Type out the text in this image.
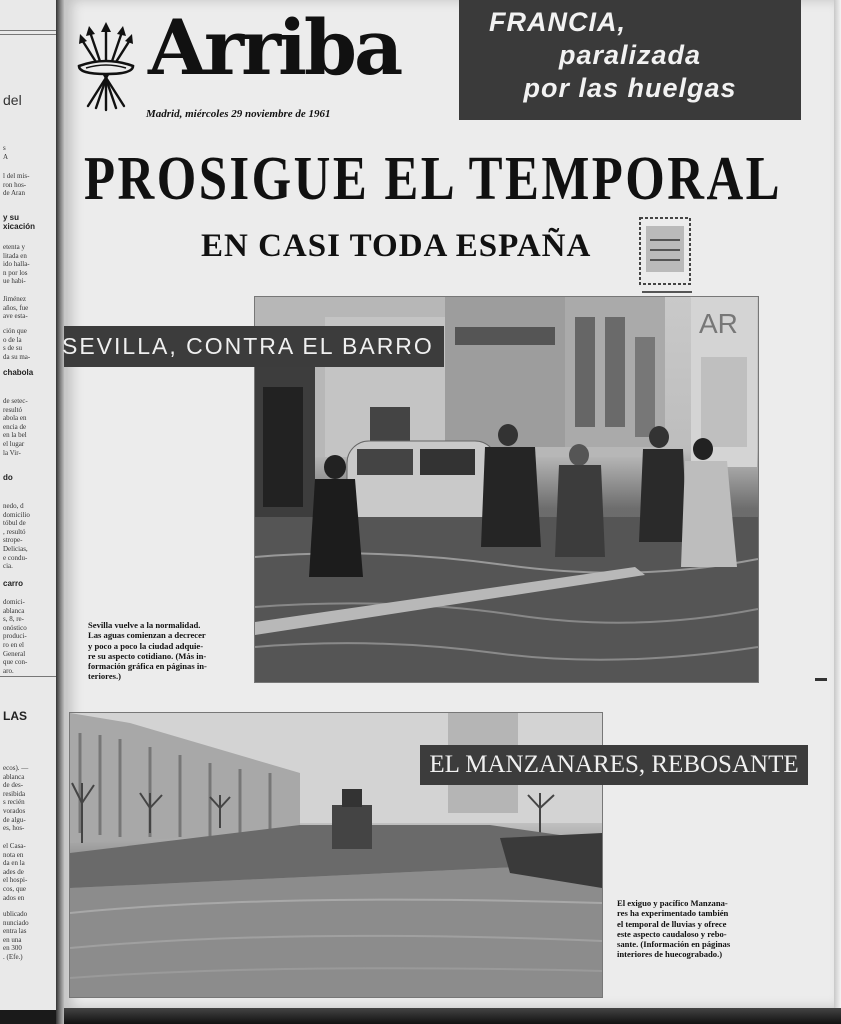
del
s
A
l del mis-
ron hos-
de Aran
y su
xicación
etenta y
litada en
ido halla-
n por los
ue habi-
Jiménez
años, fue
ave esta-
ción que
o de la
s de su
da su ma-
chabola
de setec-
resultó
abola en
encia de
en la bel
el lugar
la Vir-
do
nedo, d
domicilio
tóbul de
, resultó
strope-
Delicias,
e condu-
cia.
carro
domici-
ablanca
s, 8, re-
onóstico
produci-
ro en el
General
que con-
aro.
LAS
ecos). —
ablanca
de des-
resibida
s recién
vorados
de algu-
es, hos-
el Casa-
nota en
da en la
ades de
el hospi-
cos, que
ados en
ublicado
nunciado
entra las
en una
en 300
. (Efe.)
Arriba
Madrid, miércoles 29 noviembre de 1961
FRANCIA,
paralizada
por las huelgas
PROSIGUE EL TEMPORAL
EN CASI TODA ESPAÑA
AR
SEVILLA, CONTRA EL BARRO
Sevilla vuelve a la normalidad.
Las aguas comienzan a decrecer
y poco a poco la ciudad adquie-
re su aspecto cotidiano. (Más in-
formación gráfica en páginas in-
teriores.)
EL MANZANARES, REBOSANTE
El exiguo y pacífico Manzana-
res ha experimentado también
el temporal de lluvias y ofrece
este aspecto caudaloso y rebo-
sante. (Información en páginas
interiores de huecograbado.)
